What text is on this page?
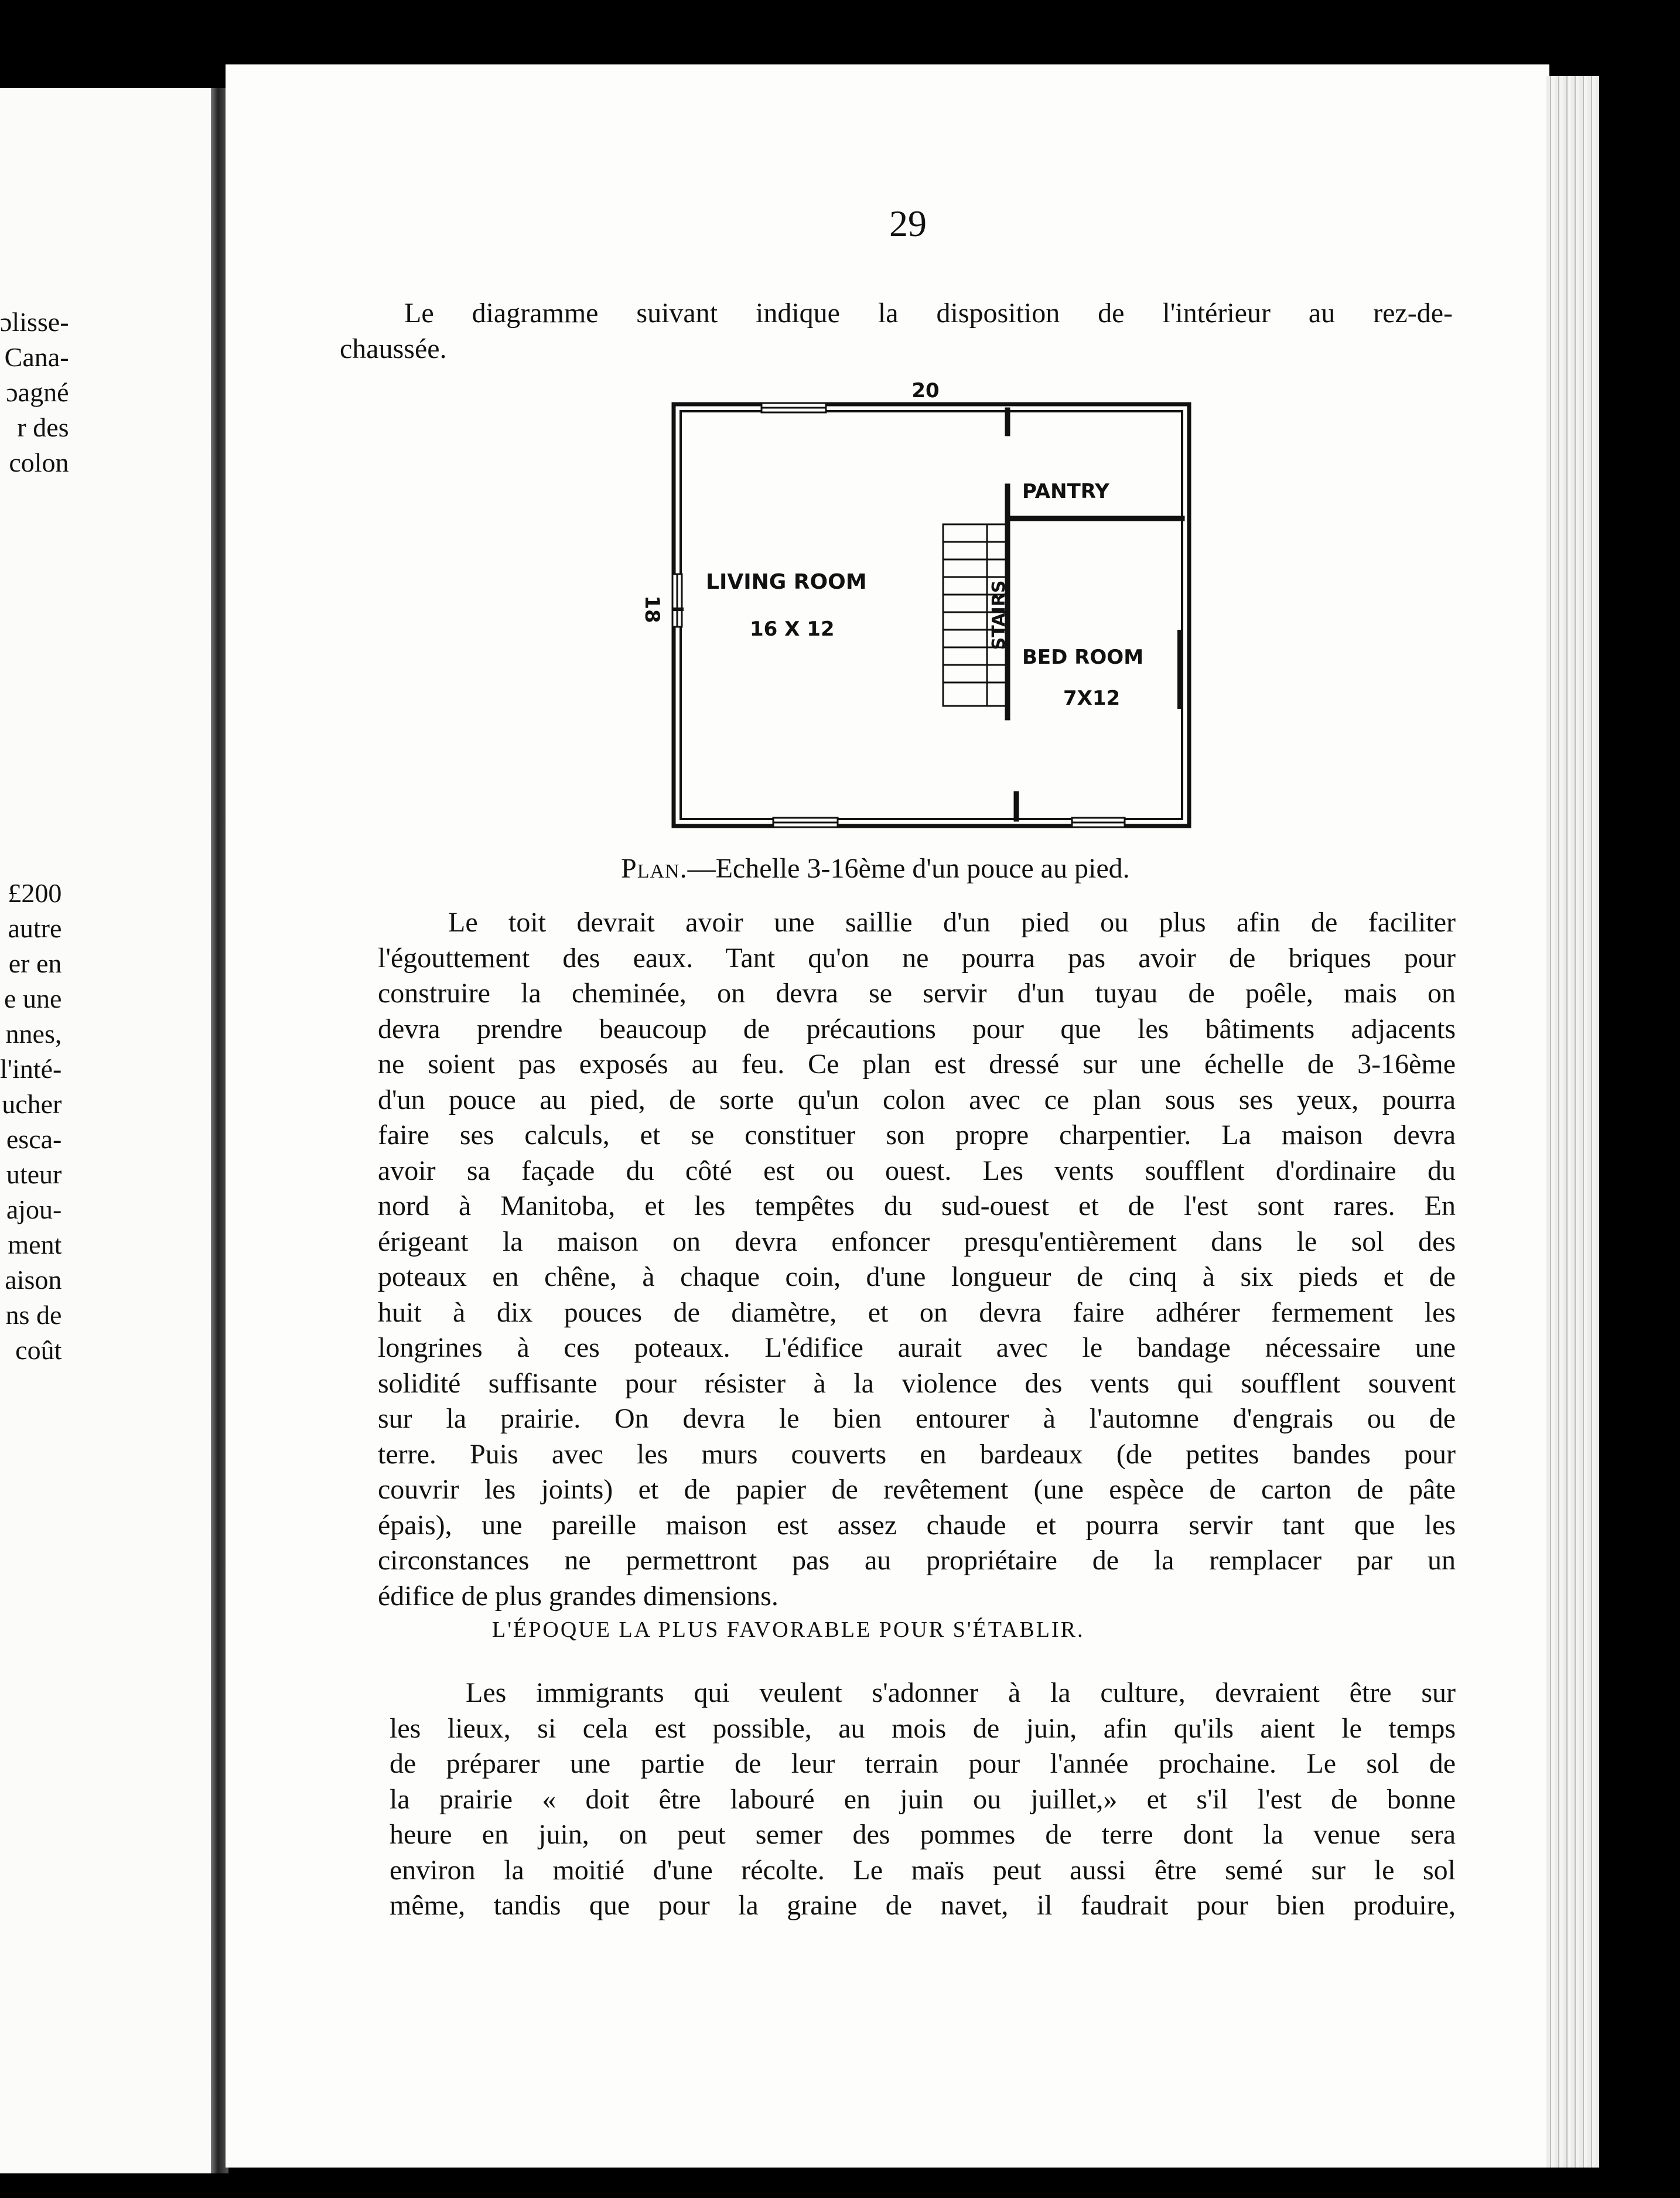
ɔlisse-
Cana-
ɔagné
r des
colon
£200
autre
er en
e une
nnes,
l'inté-
ucher
esca-
uteur
ajou-
ment
aison
ns de
coût
29
Le diagramme suivant indique la disposition de l'intérieur au rez-de-
chaussée.
20
18
PANTRY
LIVING ROOM
16 X 12	STAIRS
BED ROOM
7X12
Plan.—Echelle 3-16ème d'un pouce au pied.
Le toit devrait avoir une saillie d'un pied ou plus afin de faciliter
l'égouttement des eaux. Tant qu'on ne pourra pas avoir de briques pour
construire la cheminée, on devra se servir d'un tuyau de poêle, mais on
devra prendre beaucoup de précautions pour que les bâtiments adjacents
ne soient pas exposés au feu. Ce plan est dressé sur une échelle de 3-16ème
d'un pouce au pied, de sorte qu'un colon avec ce plan sous ses yeux, pourra
faire ses calculs, et se constituer son propre charpentier. La maison devra
avoir sa façade du côté est ou ouest. Les vents soufflent d'ordinaire du
nord à Manitoba, et les tempêtes du sud-ouest et de l'est sont rares. En
érigeant la maison on devra enfoncer presqu'entièrement dans le sol des
poteaux en chêne, à chaque coin, d'une longueur de cinq à six pieds et de
huit à dix pouces de diamètre, et on devra faire adhérer fermement les
longrines à ces poteaux. L'édifice aurait avec le bandage nécessaire une
solidité suffisante pour résister à la violence des vents qui soufflent souvent
sur la prairie. On devra le bien entourer à l'automne d'engrais ou de
terre. Puis avec les murs couverts en bardeaux (de petites bandes pour
couvrir les joints) et de papier de revêtement (une espèce de carton de pâte
épais), une pareille maison est assez chaude et pourra servir tant que les
circonstances ne permettront pas au propriétaire de la remplacer par un
édifice de plus grandes dimensions.
L'ÉPOQUE LA PLUS FAVORABLE POUR S'ÉTABLIR.
Les immigrants qui veulent s'adonner à la culture, devraient être sur
les lieux, si cela est possible, au mois de juin, afin qu'ils aient le temps
de préparer une partie de leur terrain pour l'année prochaine. Le sol de
la prairie « doit être labouré en juin ou juillet,» et s'il l'est de bonne
heure en juin, on peut semer des pommes de terre dont la venue sera
environ la moitié d'une récolte. Le maïs peut aussi être semé sur le sol
même, tandis que pour la graine de navet, il faudrait pour bien produire,
